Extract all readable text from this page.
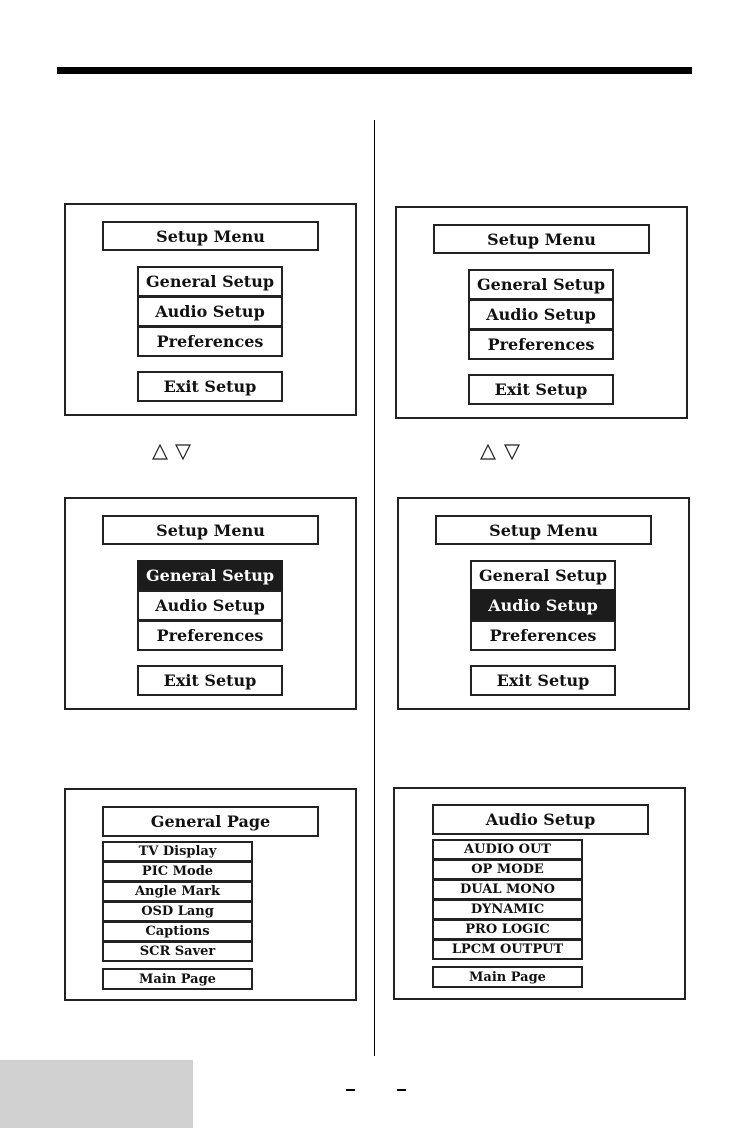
Setup Menu
General Setup
Audio Setup
Preferences
Exit Setup
Setup Menu
General Setup
Audio Setup
Preferences
Exit Setup
Setup Menu
General Setup
Audio Setup
Preferences
Exit Setup
Setup Menu
General Setup
Audio Setup
Preferences
Exit Setup
General Page
TV Display
PIC Mode
Angle Mark
OSD Lang
Captions
SCR Saver
Main Page
Audio Setup
AUDIO OUT
OP MODE
DUAL MONO
DYNAMIC
PRO LOGIC
LPCM OUTPUT
Main Page
